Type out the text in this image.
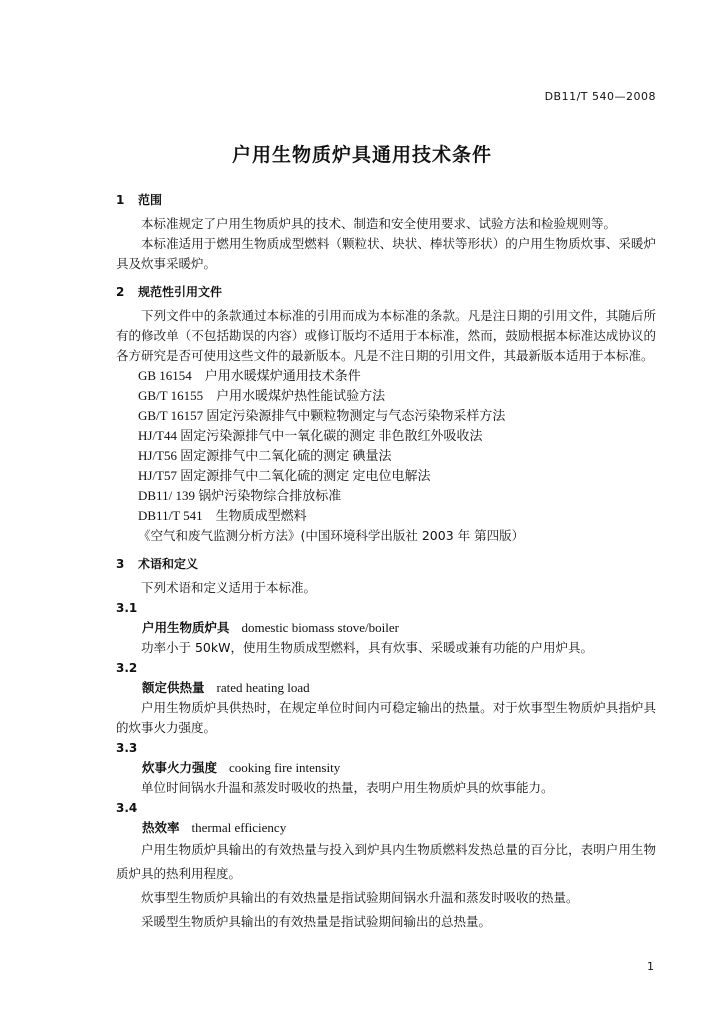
DB11/T 540—2008
户用生物质炉具通用技术条件

1 范围

本标准规定了户用生物质炉具的技术、制造和安全使用要求、试验方法和检验规则等。

本标准适用于燃用生物质成型燃料（颗粒状、块状、棒状等形状）的户用生物质炊事、采暖炉具及炊事采暖炉。

2 规范性引用文件

下列文件中的条款通过本标准的引用而成为本标准的条款。凡是注日期的引用文件，其随后所有的修改单（不包括勘误的内容）或修订版均不适用于本标准，然而，鼓励根据本标准达成协议的各方研究是否可使用这些文件的最新版本。凡是不注日期的引用文件，其最新版本适用于本标准。

GB 16154　户用水暖煤炉通用技术条件

GB/T 16155　户用水暖煤炉热性能试验方法

GB/T 16157 固定污染源排气中颗粒物测定与气态污染物采样方法

HJ/T44 固定污染源排气中一氧化碳的测定 非色散红外吸收法

HJ/T56 固定源排气中二氧化硫的测定 碘量法

HJ/T57 固定源排气中二氧化硫的测定 定电位电解法

DB11/ 139 锅炉污染物综合排放标准

DB11/T 541　生物质成型燃料

《空气和废气监测分析方法》(中国环境科学出版社 2003 年 第四版）

3 术语和定义

下列术语和定义适用于本标准。

3.1

户用生物质炉具 domestic biomass stove/boiler

功率小于 50kW，使用生物质成型燃料，具有炊事、采暖或兼有功能的户用炉具。

3.2

额定供热量 rated heating load

户用生物质炉具供热时，在规定单位时间内可稳定输出的热量。对于炊事型生物质炉具指炉具的炊事火力强度。

3.3

炊事火力强度 cooking fire intensity

单位时间锅水升温和蒸发时吸收的热量，表明户用生物质炉具的炊事能力。

3.4

热效率 thermal efficiency

户用生物质炉具输出的有效热量与投入到炉具内生物质燃料发热总量的百分比，表明户用生物质炉具的热利用程度。

炊事型生物质炉具输出的有效热量是指试验期间锅水升温和蒸发时吸收的热量。

采暖型生物质炉具输出的有效热量是指试验期间输出的总热量。

1
